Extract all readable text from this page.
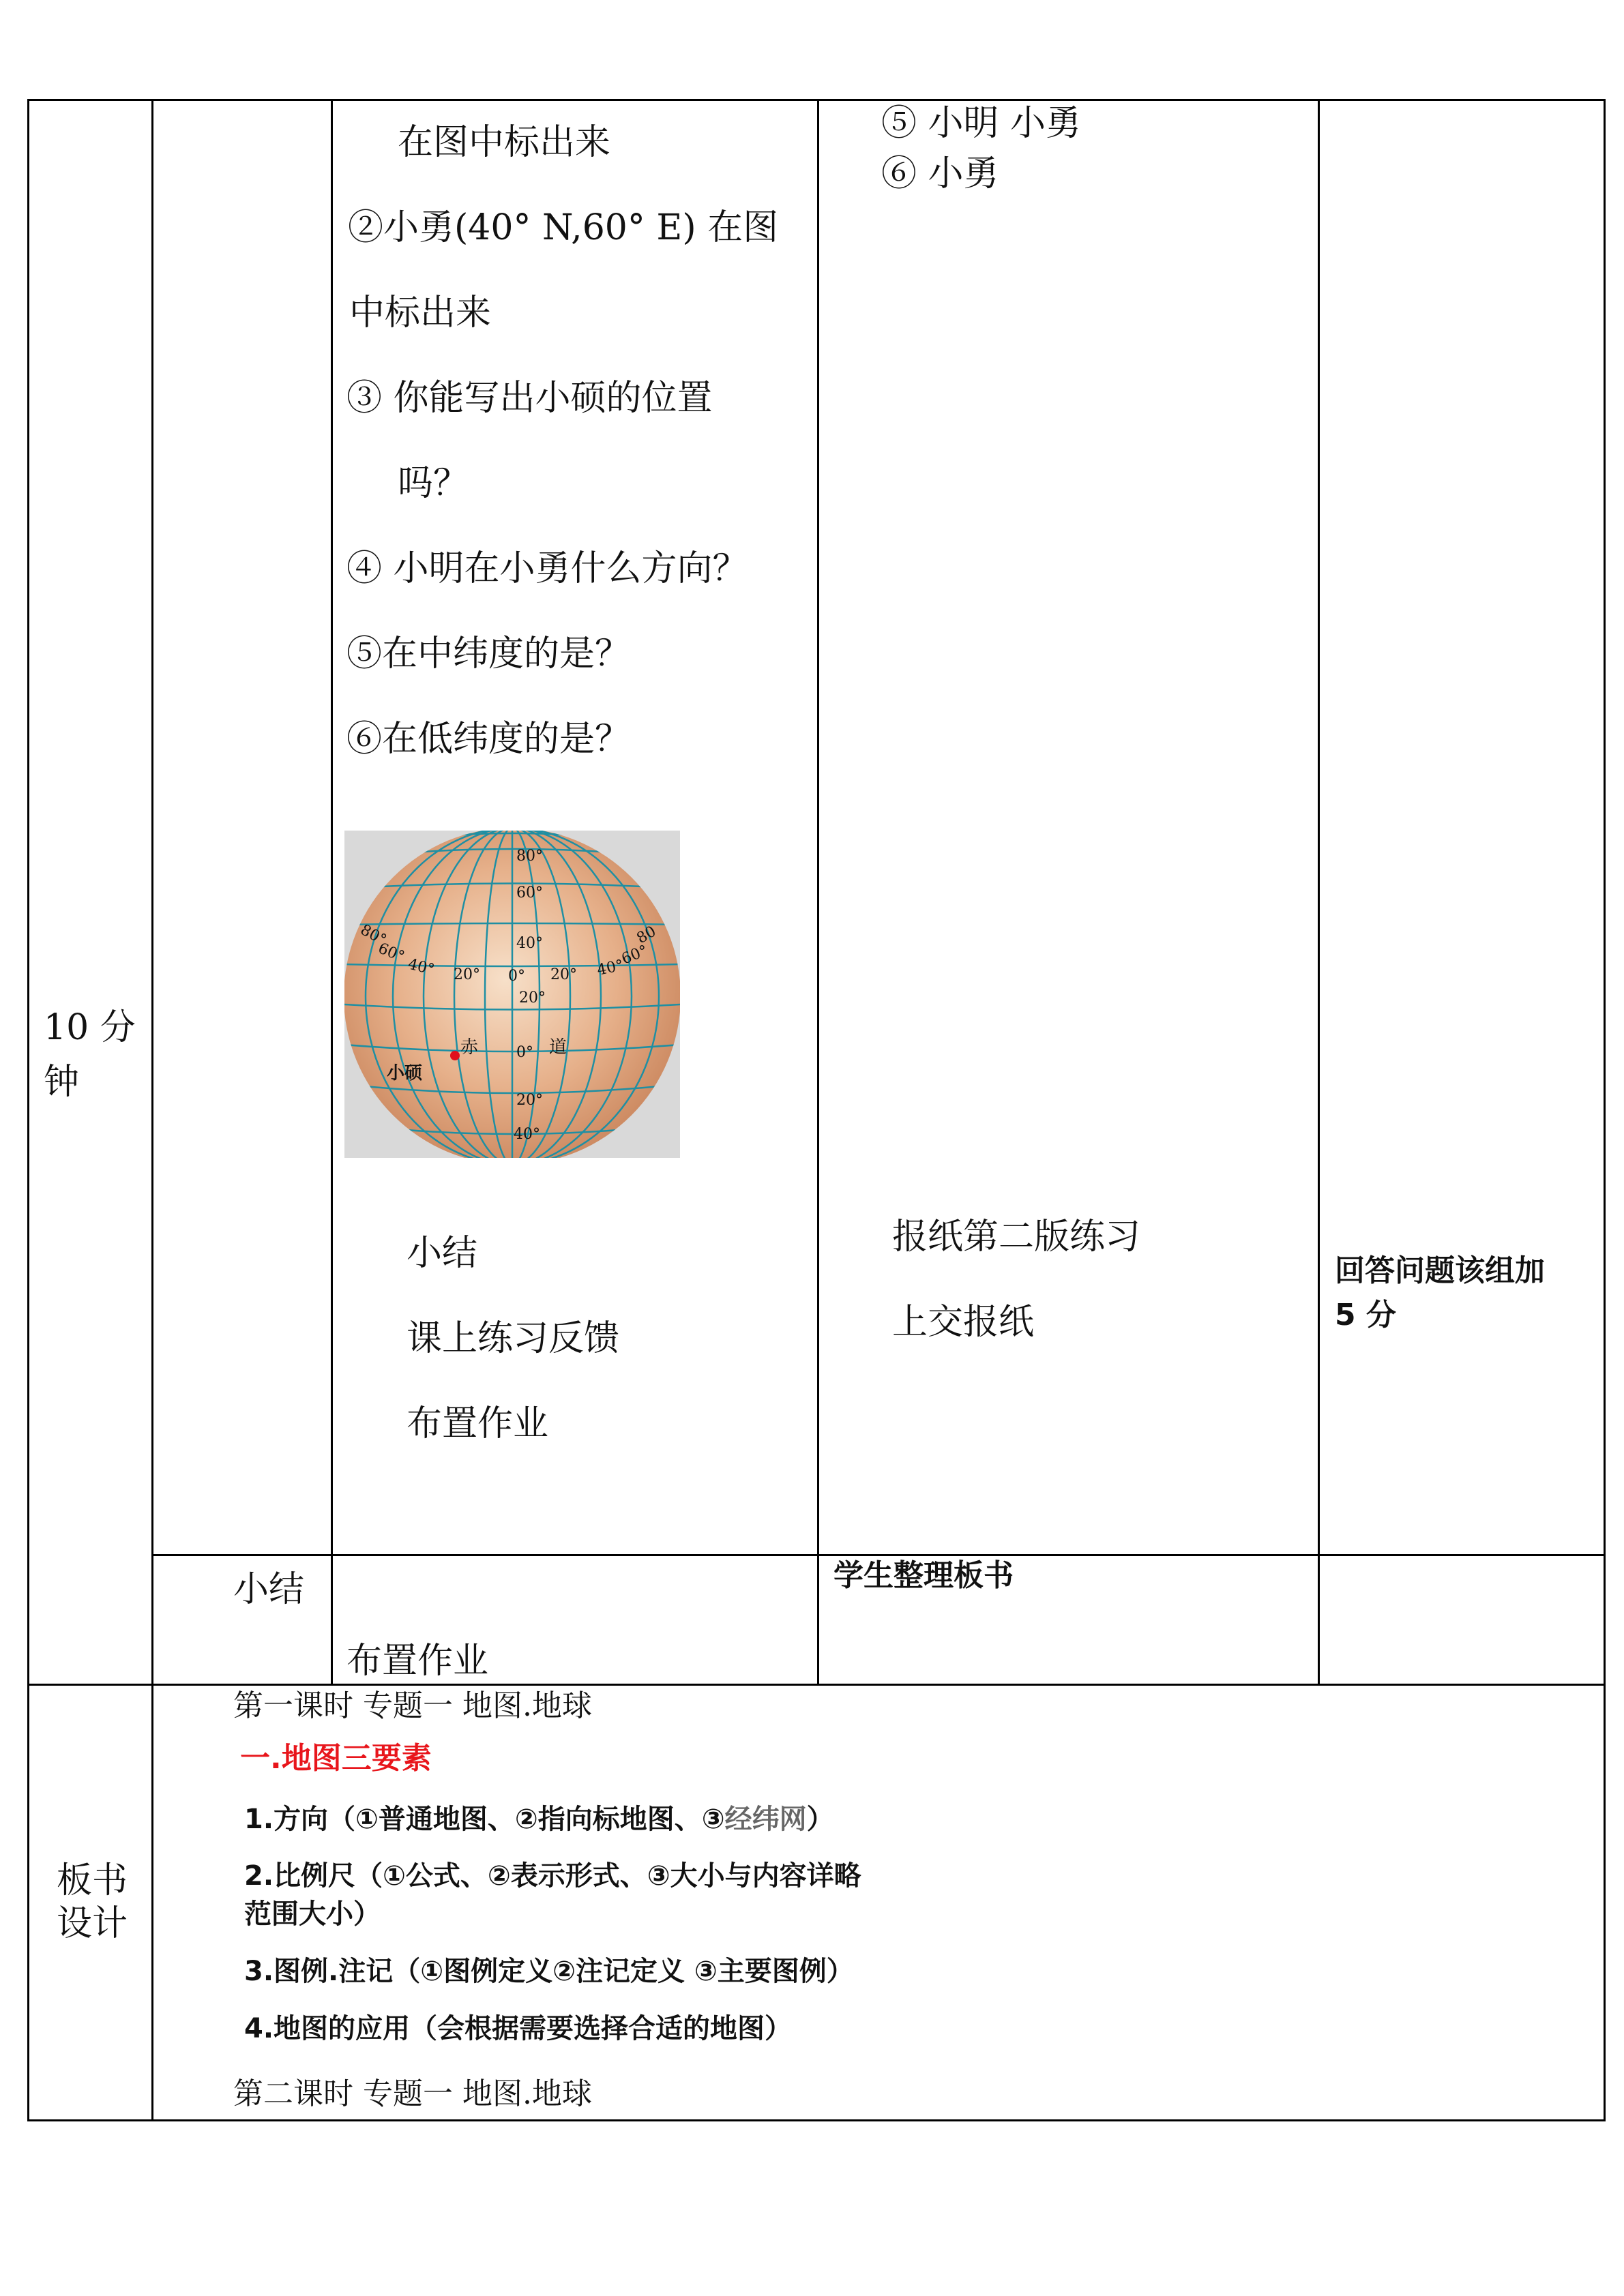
10 分
钟
在图中标出来
②小勇(40° N,60° E) 在图
中标出来
③ 你能写出小硕的位置
吗？
④ 小明在小勇什么方向？
⑤在中纬度的是？
⑥在低纬度的是？
80°
60°
40°
20°
0°
20°
40°
80°
60°
40° 20° 0° 20° 40°
60°
80
赤	道
小硕
小结
课上练习反馈
布置作业
⑤ 小明 小勇
⑥ 小勇
报纸第二版练习
上交报纸
回答问题该组加
5 分
小结
布置作业
学生整理板书
板书
设计
第一课时 专题一 地图.地球
一.地图三要素
1.方向（①普通地图、②指向标地图、③经纬网）
2.比例尺（①公式、②表示形式、③大小与内容详略
范围大小）
3.图例.注记（①图例定义②注记定义 ③主要图例）
4.地图的应用（会根据需要选择合适的地图）
第二课时 专题一 地图.地球
